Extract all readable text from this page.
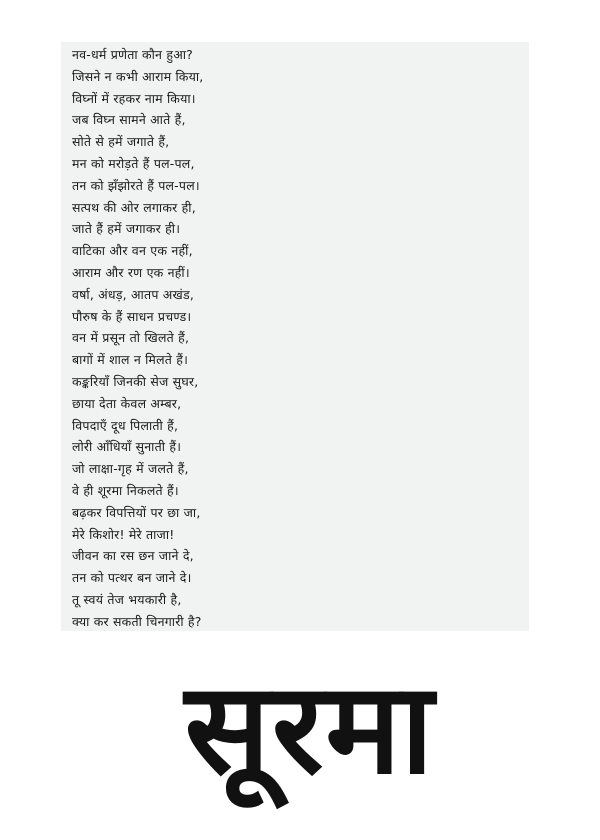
नव-धर्म प्रणेता कौन हुआ?
जिसने न कभी आराम किया,
विघ्नों में रहकर नाम किया।
जब विघ्न सामने आते हैं,
सोते से हमें जगाते हैं,
मन को मरोड़ते हैं पल-पल,
तन को झँझोरते हैं पल-पल।
सत्पथ की ओर लगाकर ही,
जाते हैं हमें जगाकर ही।
वाटिका और वन एक नहीं,
आराम और रण एक नहीं।
वर्षा, अंधड़, आतप अखंड,
पौरुष के हैं साधन प्रचण्ड।
वन में प्रसून तो खिलते हैं,
बागों में शाल न मिलते हैं।
कङ्करियाँ जिनकी सेज सुघर,
छाया देता केवल अम्बर,
विपदाएँ दूध पिलाती हैं,
लोरी आँधियाँ सुनाती हैं।
जो लाक्षा-गृह में जलते हैं,
वे ही शूरमा निकलते हैं।
बढ़कर विपत्तियों पर छा जा,
मेरे किशोर! मेरे ताजा!
जीवन का रस छन जाने दे,
तन को पत्थर बन जाने दे।
तू स्वयं तेज भयकारी है,
क्या कर सकती चिनगारी है?
सूरमा
